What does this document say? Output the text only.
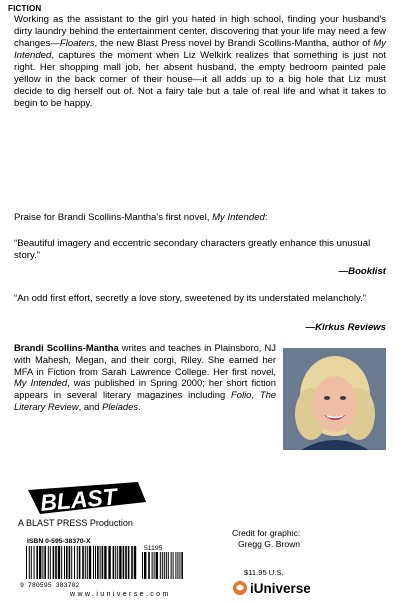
FICTION
Working as the assistant to the girl you hated in high school, finding your husband's dirty laundry behind the entertainment center, discovering that your life may need a few changes—Floaters, the new Blast Press novel by Brandi Scollins-Mantha, author of My Intended, captures the moment when Liz Welkirk realizes that something is just not right. Her shopping mall job, her absent husband, the empty bedroom painted pale yellow in the back corner of their house—it all adds up to a big hole that Liz must decide to dig herself out of. Not a fairy tale but a tale of real life and what it takes to begin to be happy.
Praise for Brandi Scollins-Mantha's first novel, My Intended:
“Beautiful imagery and eccentric secondary characters greatly enhance this unusual story.”
—Booklist
“An odd first effort, secretly a love story, sweetened by its understated melancholy.”
—Kirkus Reviews
Brandi Scollins-Mantha writes and teaches in Plainsboro, NJ with Mahesh, Megan, and their corgi, Riley. She earned her MFA in Fiction from Sarah Lawrence College. Her first novel, My Intended, was published in Spring 2000; her short fiction appears in several literary magazines including Folio, The Literary Review, and Pleiades.
BLAST
A BLAST PRESS Production
ISBN 0-595-38370-X
51195
9 780595 383702
Credit for graphic:
Gregg G. Brown
$11.95 U.S.
iUniverse
www.iuniverse.com
